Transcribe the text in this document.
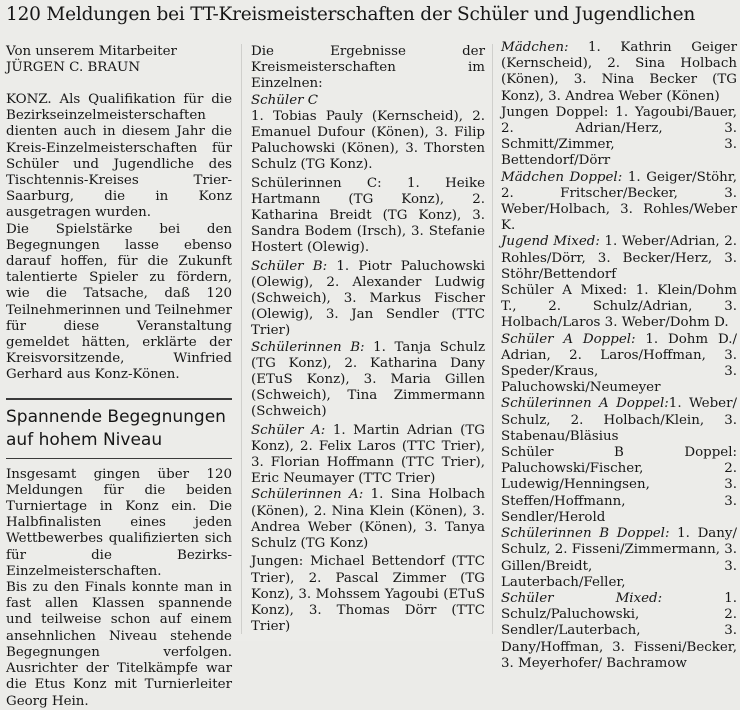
120 Meldungen bei TT-Kreismeisterschaften der Schüler und Jugendlichen
Von unserem Mitarbeiter
JÜRGEN C. BRAUN

KONZ. Als Qualifikation für die Bezirkseinzelmeisterschaften dienten auch in diesem Jahr die Kreis-Einzelmeisterschaften für Schüler und Jugendliche des Tischtennis-Kreises Trier-Saarburg, die in Konz ausgetragen wurden.

Die Spielstärke bei den Begegnungen lasse ebenso darauf hoffen, für die Zukunft talentierte Spieler zu fördern, wie die Tatsache, daß 120 Teilnehmerinnen und Teilnehmer für diese Veranstaltung gemeldet hätten, erklärte der Kreisvorsitzende, Winfried Gerhard aus Konz-Könen.

Spannende Begegnungen
auf hohem Niveau

Insgesamt gingen über 120 Meldungen für die beiden Turniertage in Konz ein. Die Halbfinalisten eines jeden Wettbewerbes qualifizierten sich für die Bezirks-Einzelmeisterschaften.

Bis zu den Finals konnte man in fast allen Klassen spannende und teilweise schon auf einem ansehnlichen Niveau stehende Begegnungen verfolgen. Ausrichter der Titelkämpfe war die Etus Konz mit Turnierleiter Georg Hein.

Die Ergebnisse der Kreismeisterschaften im Einzelnen:

Schüler C

1. Tobias Pauly (Kernscheid), 2. Emanuel Dufour (Könen), 3. Filip Paluchowski (Könen), 3. Thorsten Schulz (TG Konz).

Schülerinnen C: 1. Heike Hartmann (TG Konz), 2. Katharina Breidt (TG Konz), 3. Sandra Bodem (Irsch), 3. Stefanie Hostert (Olewig).

Schüler B: 1. Piotr Paluchowski (Olewig), 2. Alexander Ludwig (Schweich), 3. Markus Fischer (Olewig), 3. Jan Sendler (TTC Trier)

Schülerinnen B: 1. Tanja Schulz (TG Konz), 2. Katharina Dany (ETuS Konz), 3. Maria Gillen (Schweich), Tina Zimmermann (Schweich)

Schüler A: 1. Martin Adrian (TG Konz), 2. Felix Laros (TTC Trier), 3. Florian Hoffmann (TTC Trier), Eric Neumayer (TTC Trier)

Schülerinnen A: 1. Sina Holbach (Könen), 2. Nina Klein (Könen), 3. Andrea Weber (Könen), 3. Tanya Schulz (TG Konz)

Jungen: Michael Bettendorf (TTC Trier), 2. Pascal Zimmer (TG Konz), 3. Mohssem Yagoubi (ETuS Konz), 3. Thomas Dörr (TTC Trier)

Mädchen: 1. Kathrin Geiger (Kernscheid), 2. Sina Holbach (Könen), 3. Nina Becker (TG Konz), 3. Andrea Weber (Könen)

Jungen Doppel: 1. Yagoubi/Bauer, 2. Adrian/Herz, 3. Schmitt/Zimmer, 3. Bettendorf/Dörr

Mädchen Doppel: 1. Geiger/Stöhr, 2. Fritscher/Becker, 3. Weber/Holbach, 3. Rohles/Weber K.

Jugend Mixed: 1. Weber/Adrian, 2. Rohles/Dörr, 3. Becker/Herz, 3. Stöhr/Bettendorf

Schüler A Mixed: 1. Klein/Dohm T., 2. Schulz/Adrian, 3. Holbach/Laros 3. Weber/Dohm D.

Schüler A Doppel: 1. Dohm D./ Adrian, 2. Laros/Hoffman, 3. Speder/Kraus, 3. Paluchowski/Neumeyer

Schülerinnen A Doppel:1. Weber/ Schulz, 2. Holbach/Klein, 3. Stabenau/Bläsius

Schüler B Doppel: Paluchowski/Fischer, 2. Ludewig/Henningsen, 3. Steffen/Hoffmann, 3. Sendler/Herold

Schülerinnen B Doppel: 1. Dany/ Schulz, 2. Fisseni/Zimmermann, 3. Gillen/Breidt, 3. Lauterbach/Feller,

Schüler Mixed:	1. Schulz/Paluchowski, 2. Sendler/Lauterbach, 3. Dany/Hoffman, 3. Fisseni/Becker, 3. Meyerhofer/ Bachramow
